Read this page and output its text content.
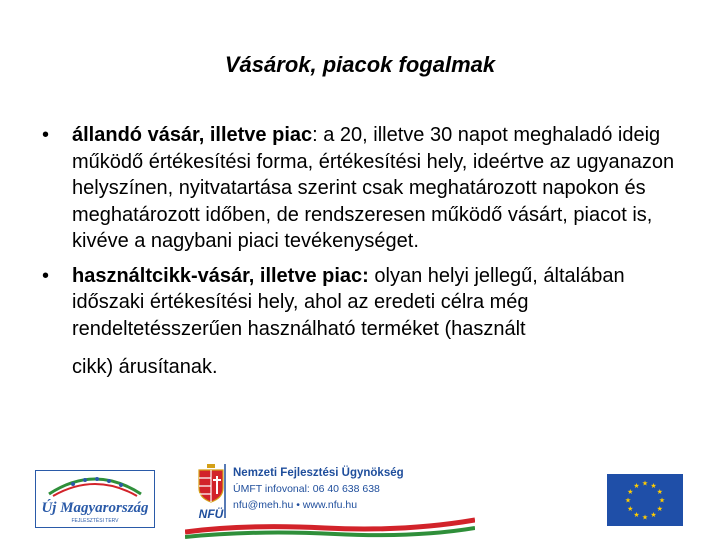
Vásárok, piacok fogalmak
• állandó vásár, illetve piac: a 20, illetve 30 napot meghaladó ideig működő értékesítési forma, értékesítési hely, ideértve az ugyanazon helyszínen, nyitvatartása szerint csak meghatározott napokon és meghatározott időben, de rendszeresen működő vásárt, piacot is, kivéve a nagybani piaci tevékenységet.
• használtcikk-vásár, illetve piac: olyan helyi jellegű, általában időszaki értékesítési hely, ahol az eredeti célra még rendeltetésszerűen használható terméket (használt
cikk) árusítanak.
Új Magyarország
FEJLESZTÉSI TERV	NFÜ
Nemzeti Fejlesztési Ügynökség
ÚMFT infovonal: 06 40 638 638
nfu@meh.hu • www.nfu.hu
★ ★
★
★
★
★
★
★
★
★
★
★
